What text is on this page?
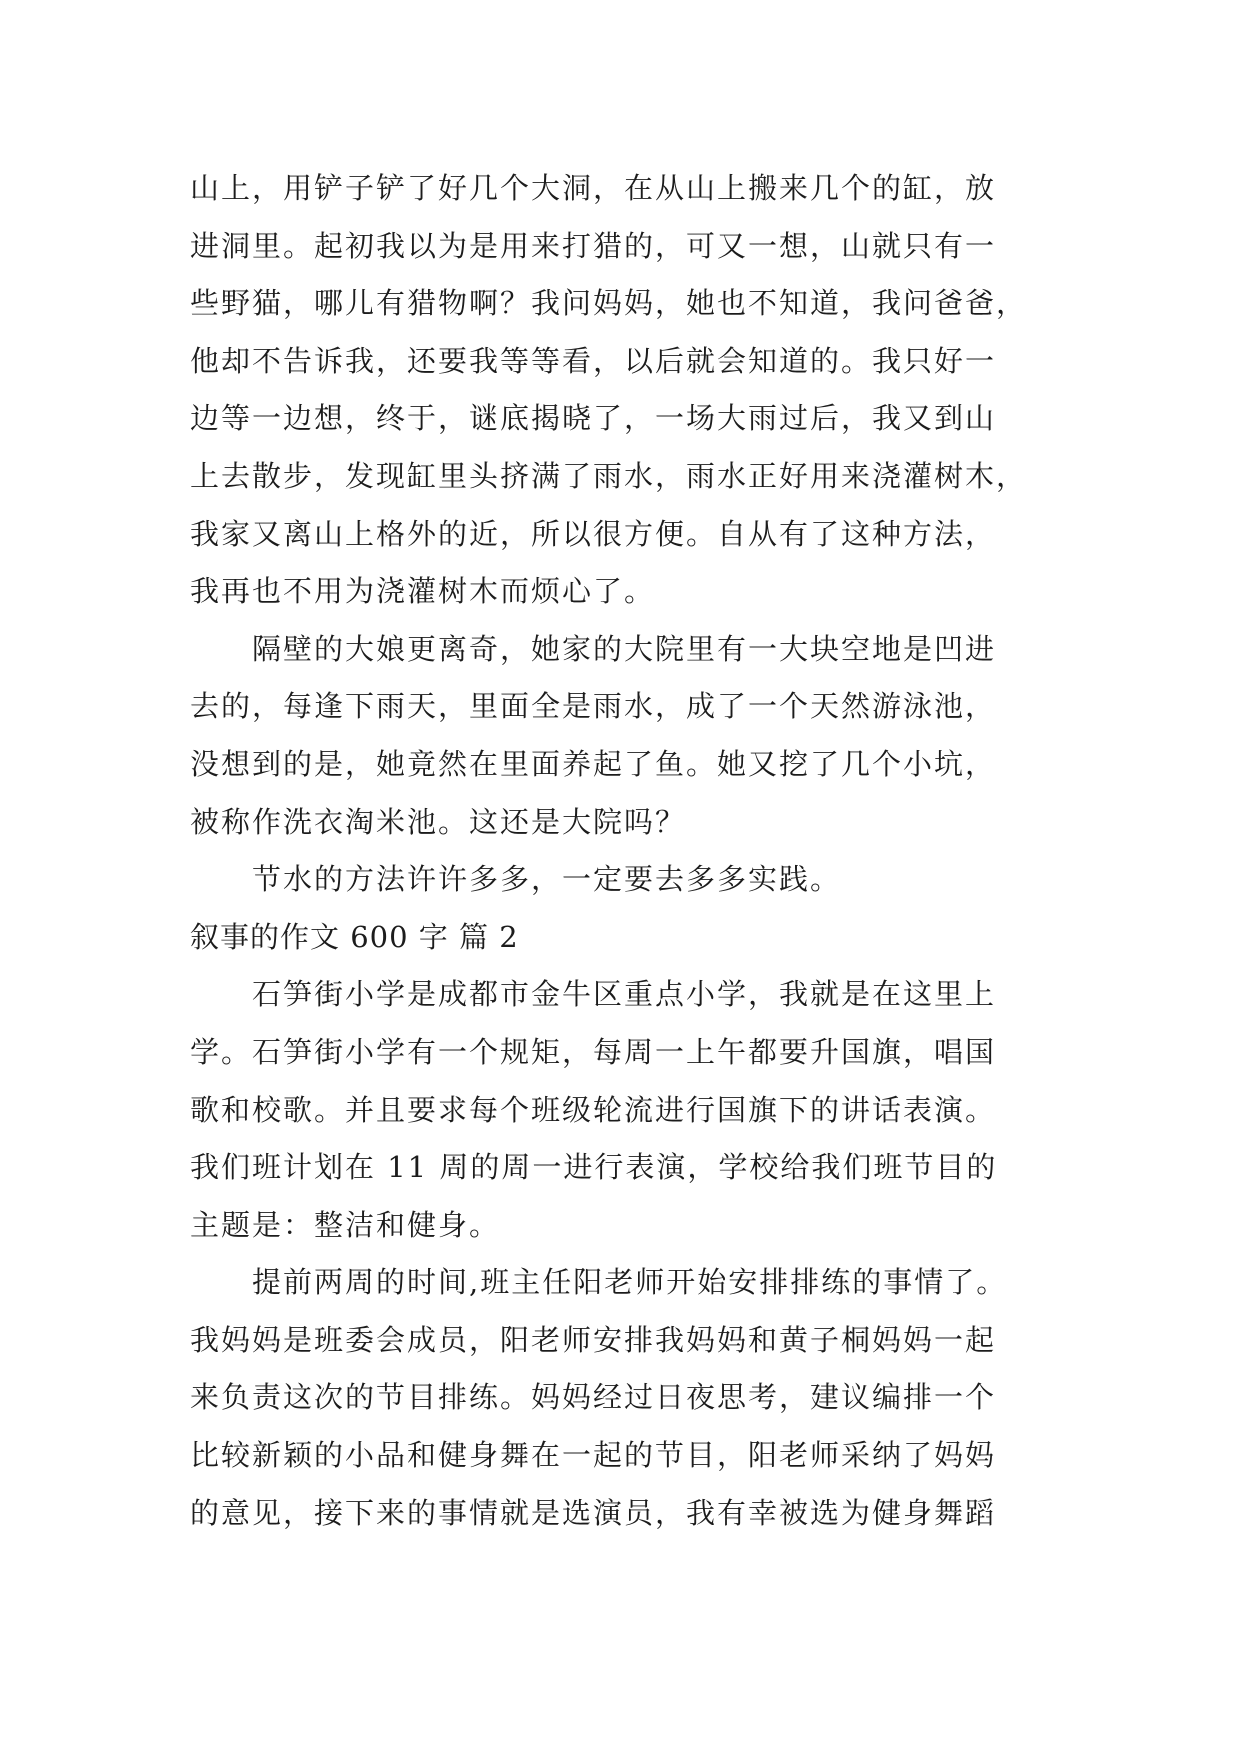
山上，用铲子铲了好几个大洞，在从山上搬来几个的缸，放
进洞里。起初我以为是用来打猎的，可又一想，山就只有一
些野猫，哪儿有猎物啊？我问妈妈，她也不知道，我问爸爸，
他却不告诉我，还要我等等看，以后就会知道的。我只好一
边等一边想，终于，谜底揭晓了，一场大雨过后，我又到山
上去散步，发现缸里头挤满了雨水，雨水正好用来浇灌树木，
我家又离山上格外的近，所以很方便。自从有了这种方法，
我再也不用为浇灌树木而烦心了。
隔壁的大娘更离奇，她家的大院里有一大块空地是凹进
去的，每逢下雨天，里面全是雨水，成了一个天然游泳池，
没想到的是，她竟然在里面养起了鱼。她又挖了几个小坑，
被称作洗衣淘米池。这还是大院吗？
节水的方法许许多多，一定要去多多实践。
叙事的作文 600 字 篇 2
石笋街小学是成都市金牛区重点小学，我就是在这里上
学。石笋街小学有一个规矩，每周一上午都要升国旗，唱国
歌和校歌。并且要求每个班级轮流进行国旗下的讲话表演。
我们班计划在 11 周的周一进行表演，学校给我们班节目的
主题是：整洁和健身。
提前两周的时间,班主任阳老师开始安排排练的事情了。
我妈妈是班委会成员，阳老师安排我妈妈和黄子桐妈妈一起
来负责这次的节目排练。妈妈经过日夜思考，建议编排一个
比较新颖的小品和健身舞在一起的节目，阳老师采纳了妈妈
的意见，接下来的事情就是选演员，我有幸被选为健身舞蹈
